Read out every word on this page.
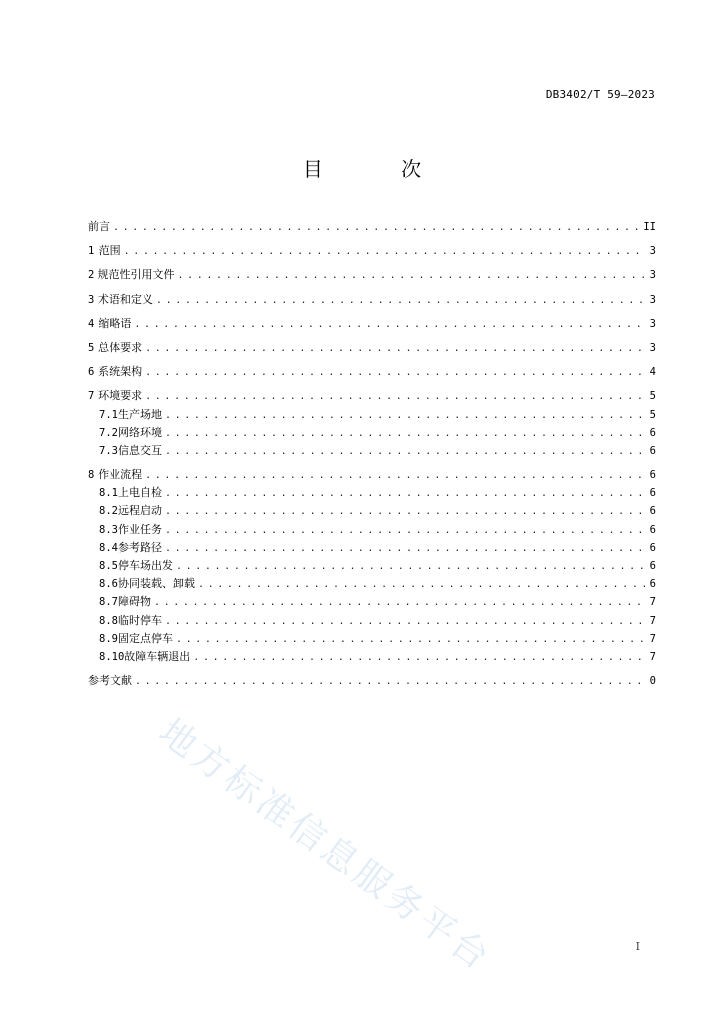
DB3402/T 59—2023
目 次
前言 . . .	II
1 范围 . . .	3
2 规范性引用文件 . . .	3
3 术语和定义 . . .	3
4 缩略语 . . .	3
5 总体要求 . . .	3
6 系统架构 . . .	4
7 环境要求 . . .	5
7.1 生产场地 . . .	5
7.2 网络环境 . . .	6
7.3 信息交互 . . .	6
8 作业流程 . . .	6
8.1 上电自检 . . .	6
8.2 远程启动 . . .	6
8.3 作业任务 . . .	6
8.4 参考路径 . . .	6
8.5 停车场出发 . . .	6
8.6 协同装载、卸载 . . .	6
8.7 障碍物 . . .	7
8.8 临时停车 . . .	7
8.9 固定点停车 . . .	7
8.10 故障车辆退出 . . .	7
参考文献 . . .	0
地方标准信息服务平台	I
